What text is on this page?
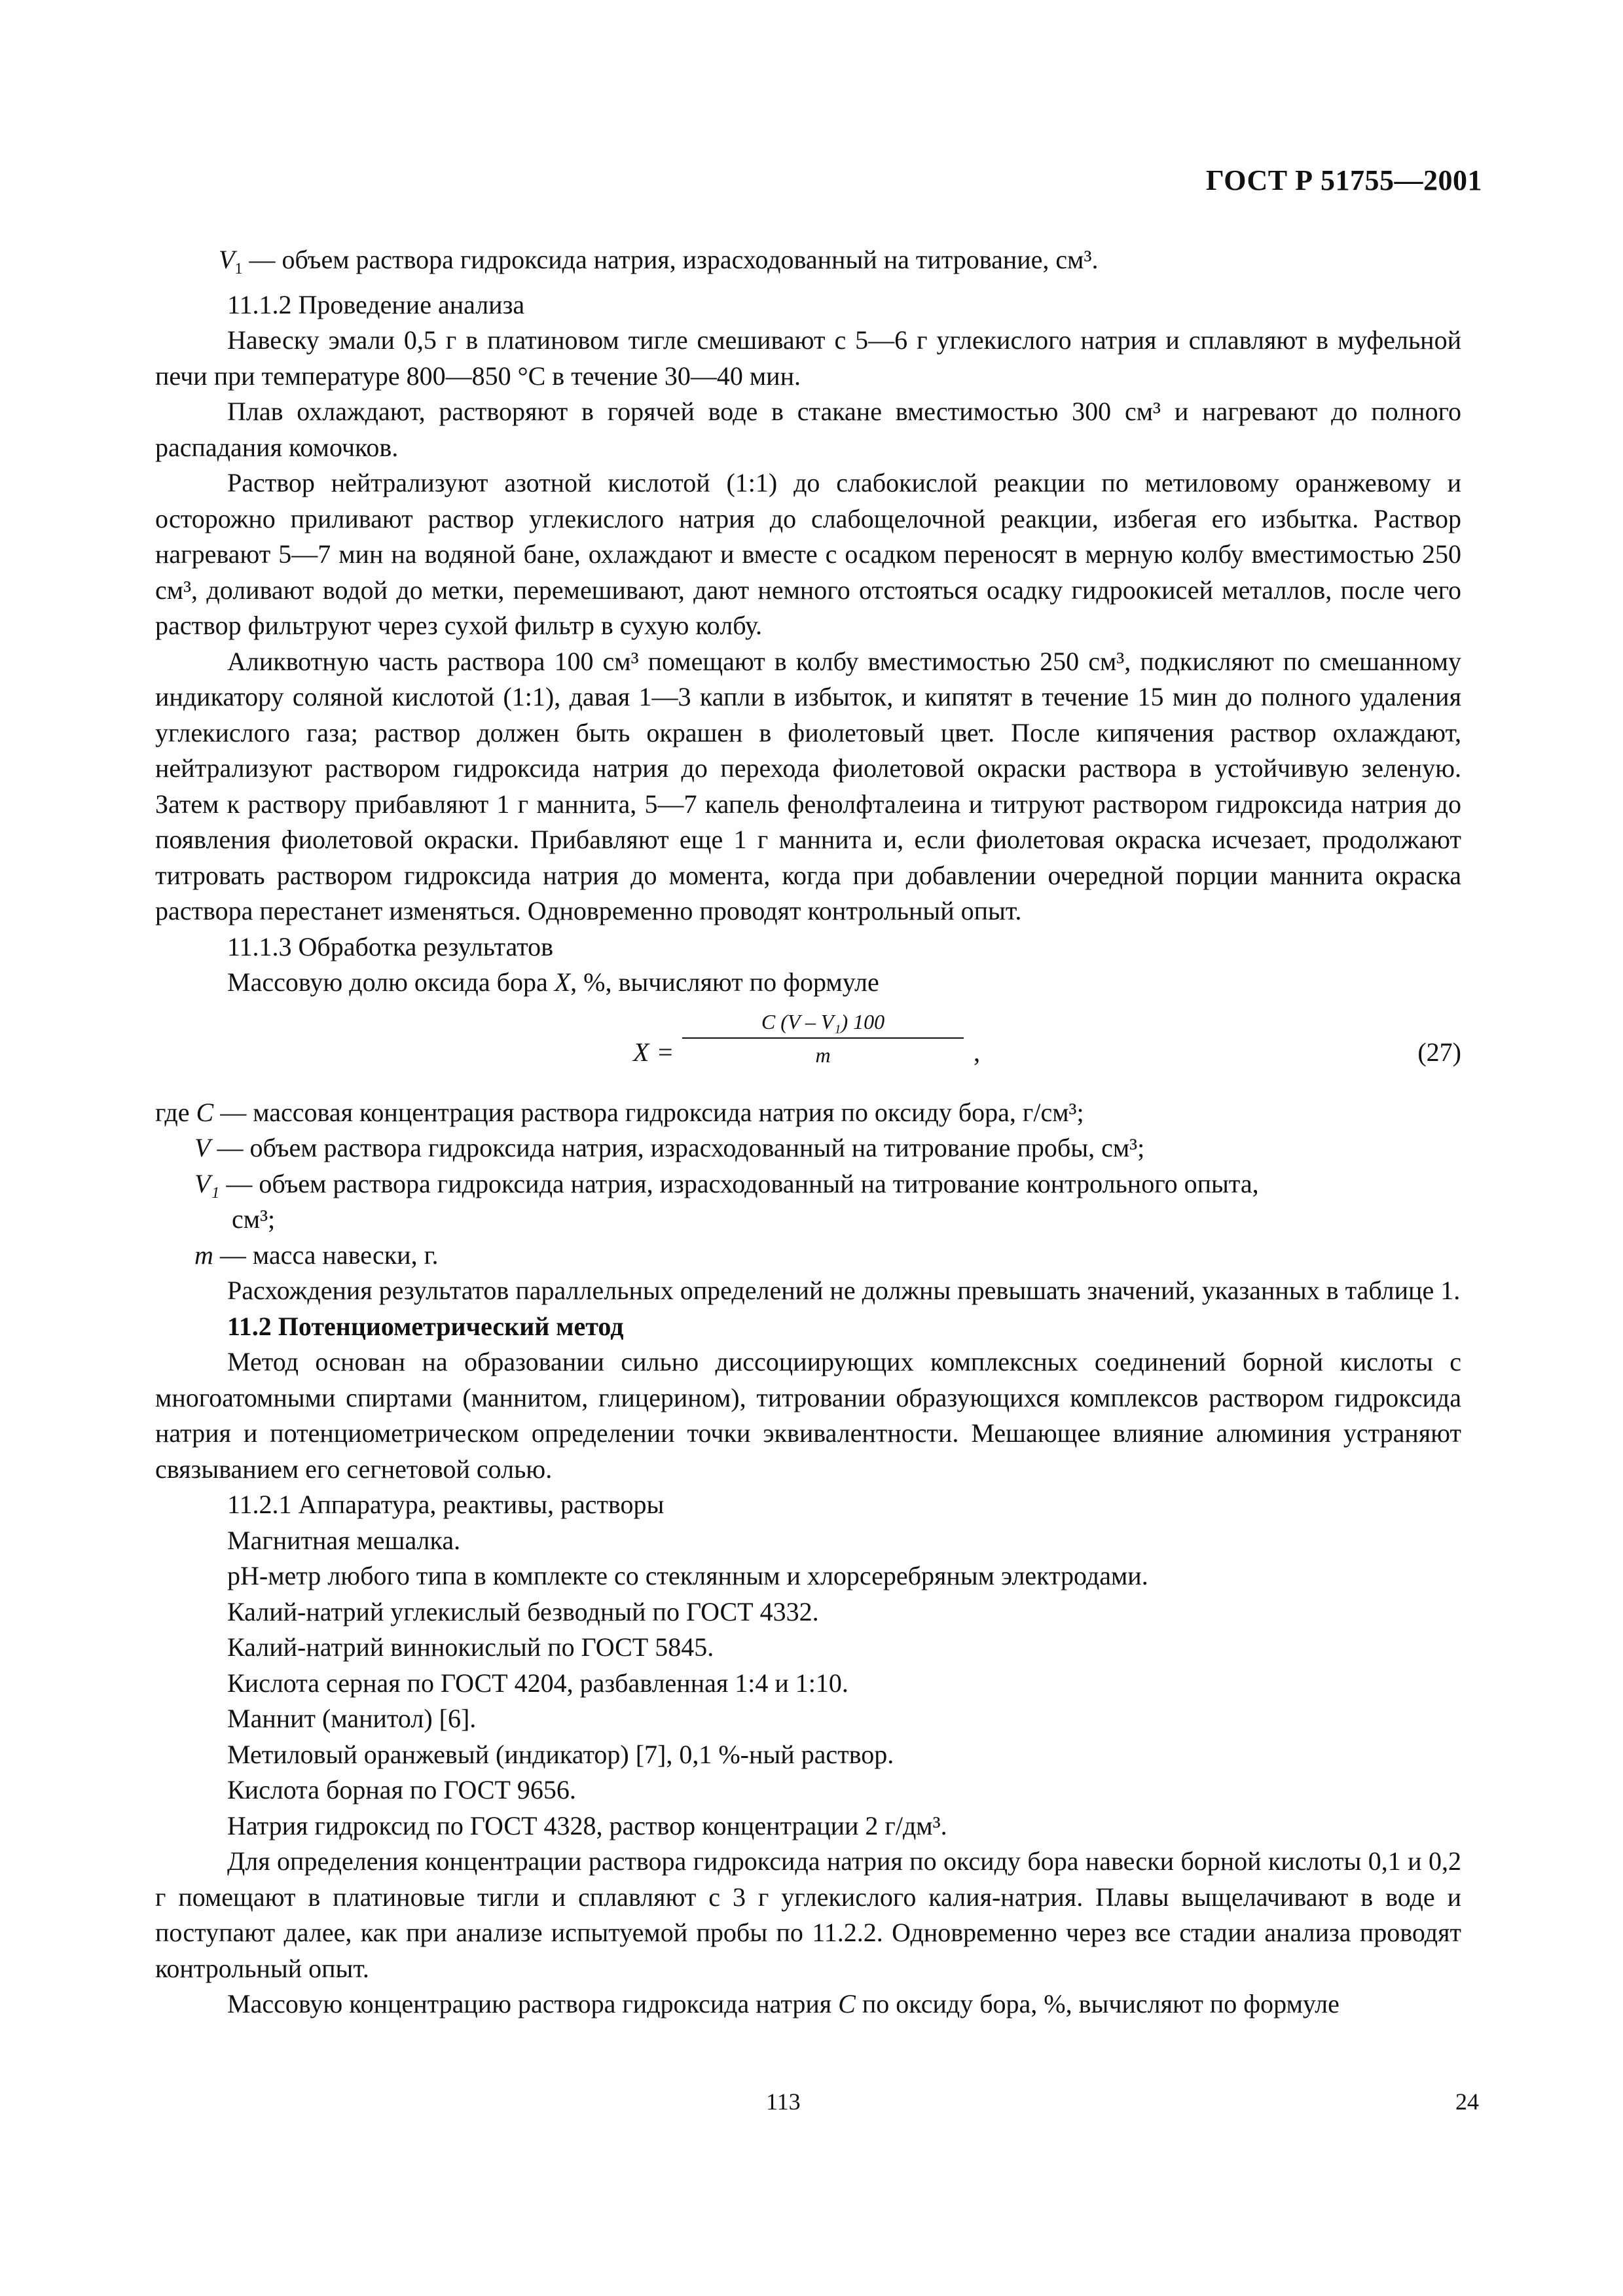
ГОСТ Р 51755—2001

$V_1$ — объем раствора гидроксида натрия, израсходованный на титрование, см³.

11.1.2 Проведение анализа

Навеску эмали 0,5 г в платиновом тигле смешивают с 5—6 г углекислого натрия и сплавляют в муфельной печи при температуре 800—850 °С в течение 30—40 мин.

Плав охлаждают, растворяют в горячей воде в стакане вместимостью 300 см³ и нагревают до полного распадания комочков.

Раствор нейтрализуют азотной кислотой (1:1) до слабокислой реакции по метиловому оранжевому и осторожно приливают раствор углекислого натрия до слабощелочной реакции, избегая его избытка. Раствор нагревают 5—7 мин на водяной бане, охлаждают и вместе с осадком переносят в мерную колбу вместимостью 250 см³, доливают водой до метки, перемешивают, дают немного отстояться осадку гидроокисей металлов, после чего раствор фильтруют через сухой фильтр в сухую колбу.

Аликвотную часть раствора 100 см³ помещают в колбу вместимостью 250 см³, подкисляют по смешанному индикатору соляной кислотой (1:1), давая 1—3 капли в избыток, и кипятят в течение 15 мин до полного удаления углекислого газа; раствор должен быть окрашен в фиолетовый цвет. После кипячения раствор охлаждают, нейтрализуют раствором гидроксида натрия до перехода фиолетовой окраски раствора в устойчивую зеленую. Затем к раствору прибавляют 1 г маннита, 5—7 капель фенолфталеина и титруют раствором гидроксида натрия до появления фиолетовой окраски. Прибавляют еще 1 г маннита и, если фиолетовая окраска исчезает, продолжают титровать раствором гидроксида натрия до момента, когда при добавлении очередной порции маннита окраска раствора перестанет изменяться. Одновременно проводят контрольный опыт.

11.1.3 Обработка результатов

Массовую долю оксида бора X, %, вычисляют по формуле

$X = \frac{\text{C (V – V₁) 100}}{m}$ ,	(27)
где C — массовая концентрация раствора гидроксида натрия по оксиду бора, г/см³;
V — объем раствора гидроксида натрия, израсходованный на титрование пробы, см³;
V₁ — объем раствора гидроксида натрия, израсходованный на титрование контрольного опыта,
см³;
m — масса навески, г.

Расхождения результатов параллельных определений не должны превышать значений, указанных в таблице 1.

11.2 Потенциометрический метод

Метод основан на образовании сильно диссоциирующих комплексных соединений борной кислоты с многоатомными спиртами (маннитом, глицерином), титровании образующихся комплексов раствором гидроксида натрия и потенциометрическом определении точки эквивалентности. Мешающее влияние алюминия устраняют связыванием его сегнетовой солью.

11.2.1 Аппаратура, реактивы, растворы

Магнитная мешалка.

pH-метр любого типа в комплекте со стеклянным и хлорсеребряным электродами.

Калий-натрий углекислый безводный по ГОСТ 4332.

Калий-натрий виннокислый по ГОСТ 5845.

Кислота серная по ГОСТ 4204, разбавленная 1:4 и 1:10.

Маннит (манитол) [6].

Метиловый оранжевый (индикатор) [7], 0,1 %-ный раствор.

Кислота борная по ГОСТ 9656.

Натрия гидроксид по ГОСТ 4328, раствор концентрации 2 г/дм³.

Для определения концентрации раствора гидроксида натрия по оксиду бора навески борной кислоты 0,1 и 0,2 г помещают в платиновые тигли и сплавляют с 3 г углекислого калия-натрия. Плавы выщелачивают в воде и поступают далее, как при анализе испытуемой пробы по 11.2.2. Одновременно через все стадии анализа проводят контрольный опыт.

Массовую концентрацию раствора гидроксида натрия C по оксиду бора, %, вычисляют по формуле

113	24
